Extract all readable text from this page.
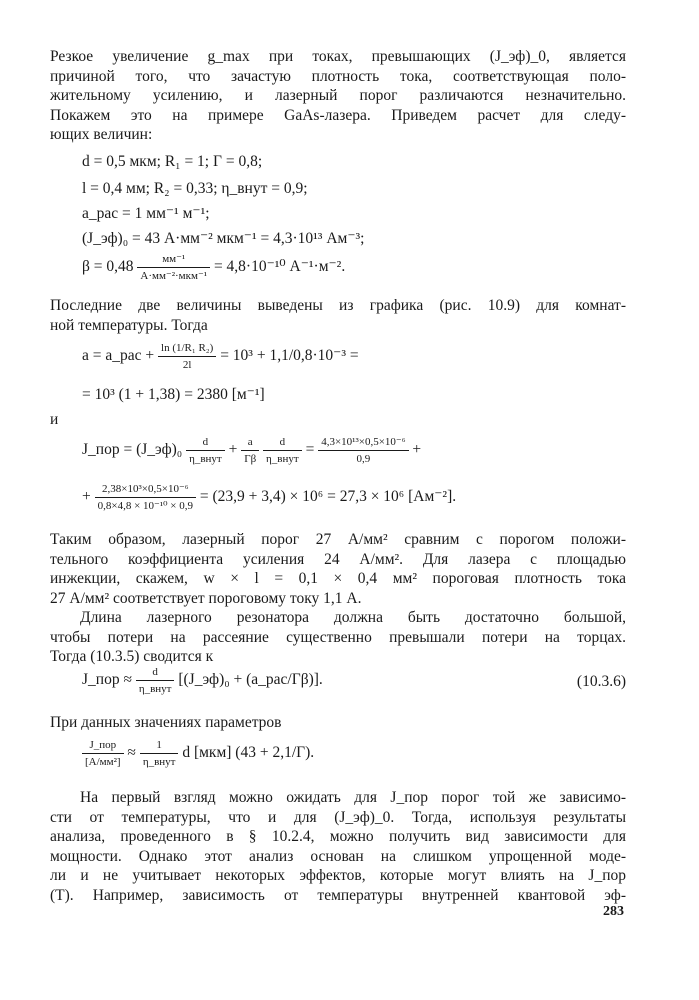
Резкое увеличение g_max при токах, превышающих (J_эф)_0, является
причиной того, что зачастую плотность тока, соответствующая поло-
жительному усилению, и лазерный порог различаются незначительно.
Покажем это на примере GaAs-лазера. Приведем расчет для следу-
ющих величин:
d = 0,5 мкм; R₁ = 1; Γ = 0,8;
l = 0,4 мм; R₂ = 0,33; η_внут = 0,9;
a_рас = 1 мм⁻¹ м⁻¹;
(J_эф)₀ = 43 А·мм⁻² мкм⁻¹ = 4,3·10¹³ Ам⁻³;
$\beta = 0,48 \frac{\text{мм⁻¹}}{\text{А·мм⁻²·мкм⁻¹}} = 4,8\cdot 10^{-10}$ А⁻¹·м⁻².
Последние две величины выведены из графика (рис. 10.9) для комнат-
ной температуры. Тогда
a = a_рас + $\frac{\text{ln (1/R₁ R₂)}}{2l} = 10^3 + 1,1/0,8\cdot 10^{-3}$ =
= 10³ (1 + 1,38) = 2380 [м⁻¹]
и
J_пор = (J_эф)₀ $\frac{d}{\text{η\_внут}} + \frac{a}{\Gamma\beta}$
$\frac{d}{\text{η\_внут}} = \frac{\text{4,3×10¹³×0,5×10⁻⁶}}{0,9}$ +
+ $\frac{\text{2,38×10³×0,5×10⁻⁶}}{\text{0,8×4,8 × 10⁻¹⁰ × 0,9}} = (23,9 + 3,4) \times 10^6 = 27,3 \times 10^6$ [Ам⁻²].
Таким образом, лазерный порог 27 А/мм² сравним с порогом положи-
тельного коэффициента усиления 24 А/мм². Для лазера с площадью
инжекции, скажем, w × l = 0,1 × 0,4 мм² пороговая плотность тока
27 А/мм² соответствует пороговому току 1,1 А.
Длина лазерного резонатора должна быть достаточно большой,
чтобы потери на рассеяние существенно превышали потери на торцах.
Тогда (10.3.5) сводится к
J_пор ≈ $\frac{d}{\text{η\_внут}}$ [(J_эф)₀ + (a_рас/Γβ)].	(10.3.6)
При данных значениях параметров
$\frac{\text{J\_пор}}{\text{[А/мм²]}} \approx \frac{1}{\text{η\_внут}}$ d [мкм] (43 + 2,1/Γ).
На первый взгляд можно ожидать для J_пор порог той же зависимо-
сти от температуры, что и для (J_эф)_0. Тогда, используя результаты
анализа, проведенного в § 10.2.4, можно получить вид зависимости для
мощности. Однако этот анализ основан на слишком упрощенной моде-
ли и не учитывает некоторых эффектов, которые могут влиять на J_пор
(T). Например, зависимость от температуры внутренней квантовой эф-
283
